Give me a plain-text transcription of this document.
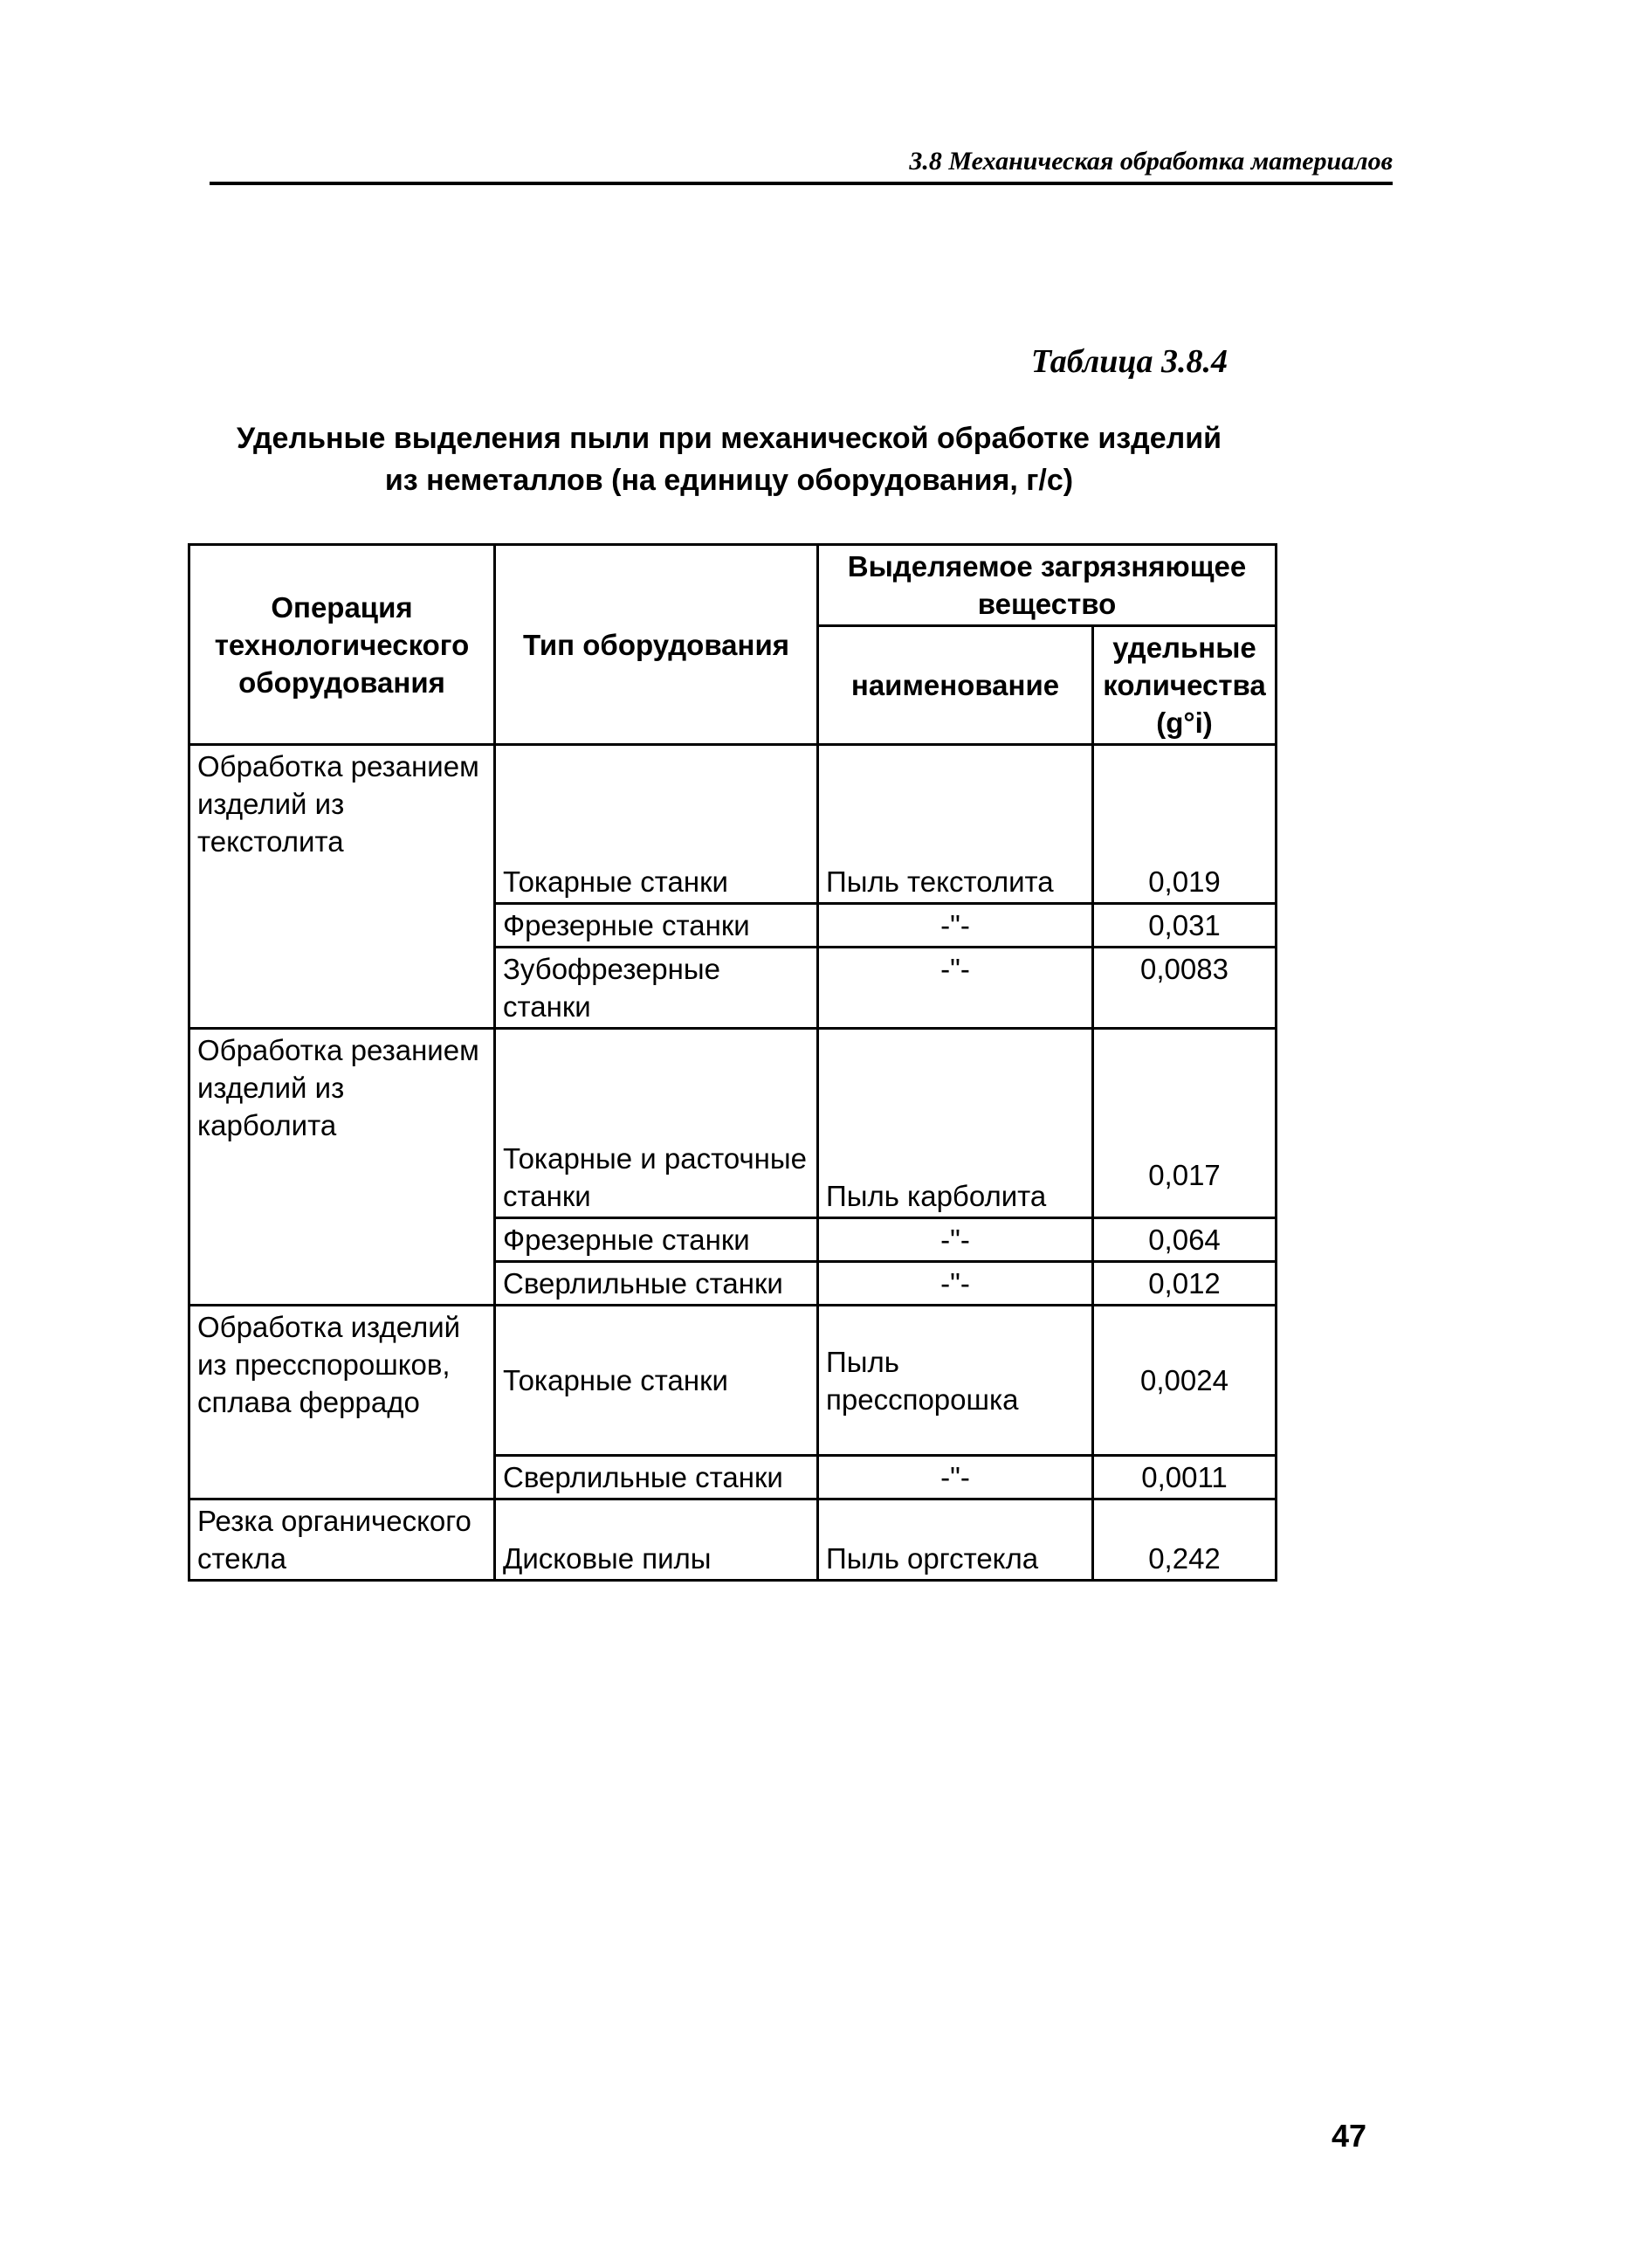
3.8 Механическая обработка материалов
Таблица 3.8.4
Удельные выделения пыли при механической обработке изделий
из неметаллов (на единицу оборудования, г/с)
Операция технологического оборудования	Тип оборудования	Выделяемое загрязняющее вещество	
		наименование	удельные количества
(g°i)

Обработка резанием изделий из текстолита	Токарные станки	Пыль текстолита	0,019
	Фрезерные станки	-"-	0,031
	Зубофрезерные станки	-"-	0,0083
Обработка резанием изделий из карболита	Токарные и расточные станки	Пыль карболита	0,017
	Фрезерные станки	-"-	0,064
	Сверлильные станки	-"-	0,012
Обработка изделий из пресспорошков, сплава феррадо	Токарные станки	Пыль пресспорошка	0,0024
	Сверлильные станки	-"-	0,0011
Резка органического стекла	Дисковые пилы	Пыль оргстекла	0,242
47
